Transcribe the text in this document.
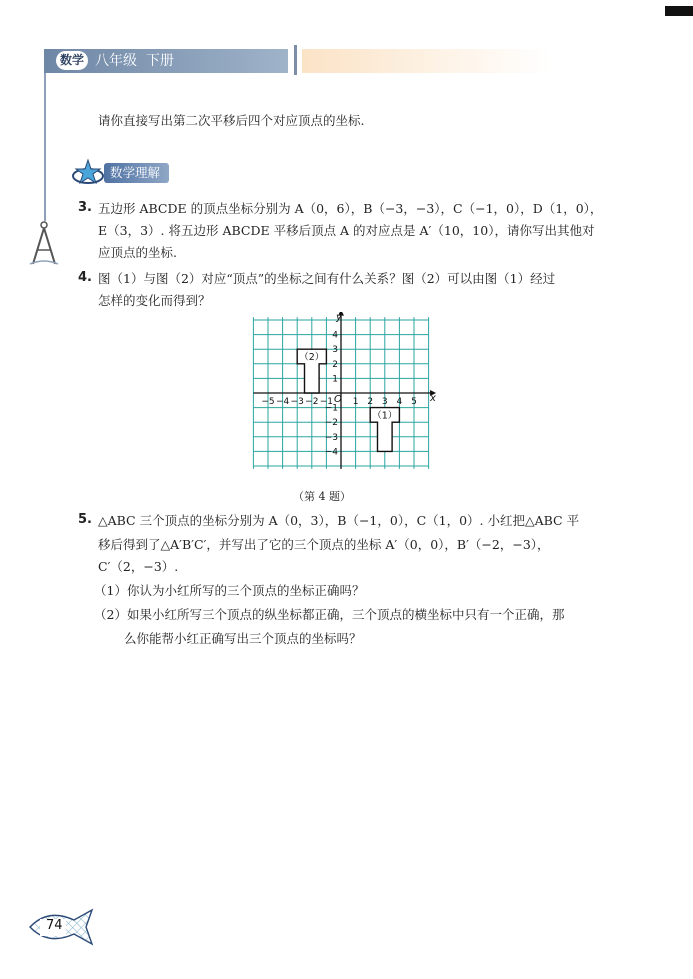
数学 八年级  下册
请你直接写出第二次平移后四个对应顶点的坐标.
数学理解
3. 五边形 ABCDE 的顶点坐标分别为 A（0，6），B（−3，−3），C（−1，0），D（1，0），
E（3，3）. 将五边形 ABCDE 平移后顶点 A 的对应点是 A′（10，10），请你写出其他对
应顶点的坐标.
4. 图（1）与图（2）对应“顶点”的坐标之间有什么关系？图（2）可以由图（1）经过
怎样的变化而得到？
−5 −4 −3 −2 −1 1 2 3 4 5
4
3
2
1
−1
−2
−3
−4
（2）
（1）
x
y
O
（第 4 题）
5. △ABC 三个顶点的坐标分别为 A（0，3），B（−1，0），C（1，0）. 小红把△ABC 平
移后得到了△A′B′C′，并写出了它的三个顶点的坐标 A′（0，0），B′（−2，−3），
C′（2，−3）.
（1）你认为小红所写的三个顶点的坐标正确吗？
（2）如果小红所写三个顶点的纵坐标都正确，三个顶点的横坐标中只有一个正确，那
么你能帮小红正确写出三个顶点的坐标吗？
74
